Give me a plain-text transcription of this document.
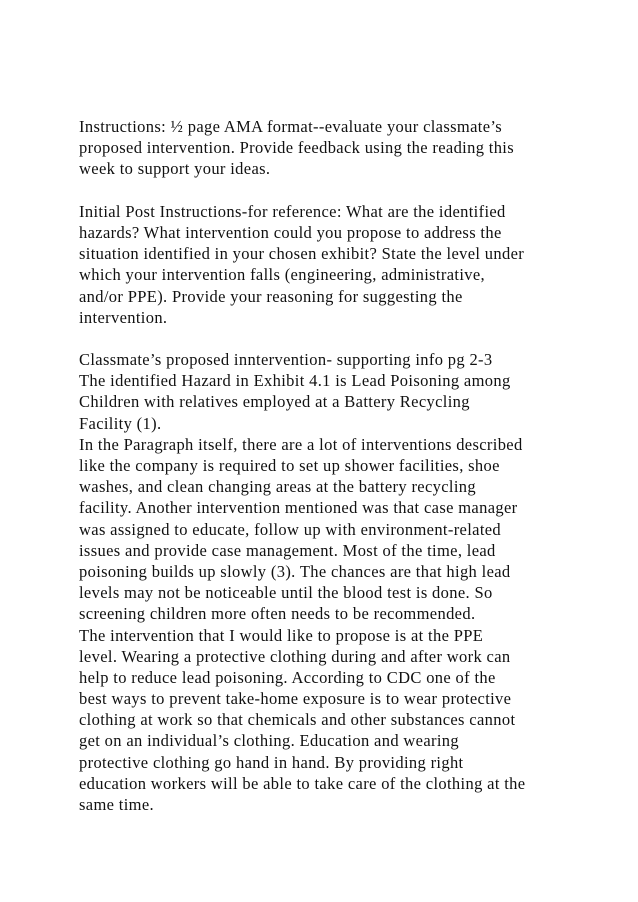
Instructions: ½ page AMA format--evaluate your classmate’s
proposed intervention. Provide feedback using the reading this
week to support your ideas.
Initial Post Instructions-for reference: What are the identified
hazards? What intervention could you propose to address the
situation identified in your chosen exhibit? State the level under
which your intervention falls (engineering, administrative,
and/or PPE). Provide your reasoning for suggesting the
intervention.
Classmate’s proposed inntervention- supporting info pg 2-3
The identified Hazard in Exhibit 4.1 is Lead Poisoning among
Children with relatives employed at a Battery Recycling
Facility (1).
In the Paragraph itself, there are a lot of interventions described
like the company is required to set up shower facilities, shoe
washes, and clean changing areas at the battery recycling
facility. Another intervention mentioned was that case manager
was assigned to educate, follow up with environment-related
issues and provide case management. Most of the time, lead
poisoning builds up slowly (3). The chances are that high lead
levels may not be noticeable until the blood test is done. So
screening children more often needs to be recommended.
The intervention that I would like to propose is at the PPE
level. Wearing a protective clothing during and after work can
help to reduce lead poisoning. According to CDC one of the
best ways to prevent take-home exposure is to wear protective
clothing at work so that chemicals and other substances cannot
get on an individual’s clothing. Education and wearing
protective clothing go hand in hand. By providing right
education workers will be able to take care of the clothing at the
same time.
